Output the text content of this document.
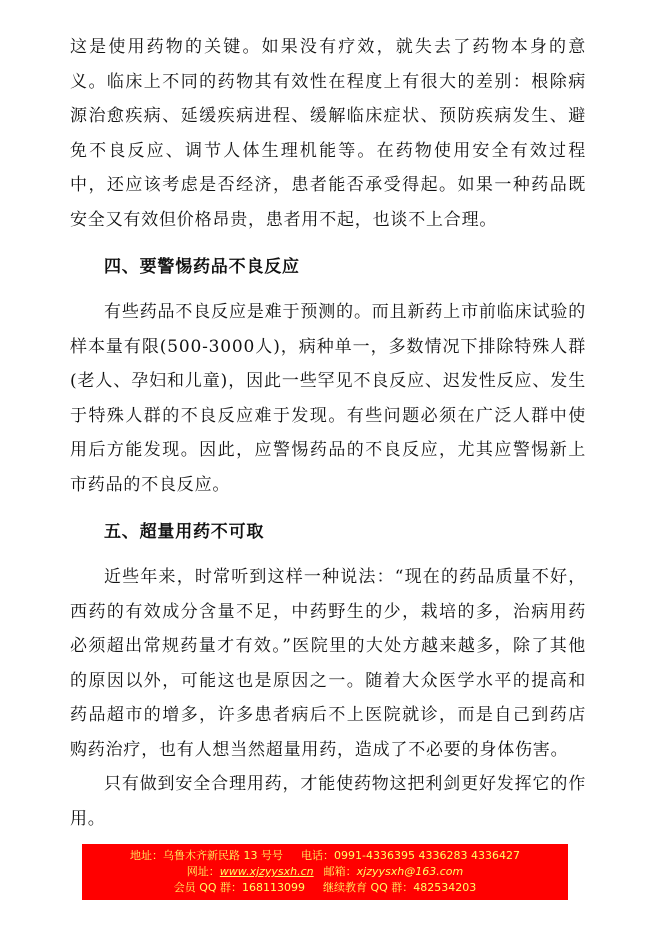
这是使用药物的关键。如果没有疗效，就失去了药物本身的意义。临床上不同的药物其有效性在程度上有很大的差别：根除病源治愈疾病、延缓疾病进程、缓解临床症状、预防疾病发生、避免不良反应、调节人体生理机能等。在药物使用安全有效过程中，还应该考虑是否经济，患者能否承受得起。如果一种药品既安全又有效但价格昂贵，患者用不起，也谈不上合理。

四、要警惕药品不良反应

有些药品不良反应是难于预测的。而且新药上市前临床试验的样本量有限(500-3000人)，病种单一，多数情况下排除特殊人群(老人、孕妇和儿童)，因此一些罕见不良反应、迟发性反应、发生于特殊人群的不良反应难于发现。有些问题必须在广泛人群中使用后方能发现。因此，应警惕药品的不良反应，尤其应警惕新上市药品的不良反应。

五、超量用药不可取

近些年来，时常听到这样一种说法：“现在的药品质量不好，西药的有效成分含量不足，中药野生的少，栽培的多，治病用药必须超出常规药量才有效。”医院里的大处方越来越多，除了其他的原因以外，可能这也是原因之一。随着大众医学水平的提高和药品超市的增多，许多患者病后不上医院就诊，而是自己到药店购药治疗，也有人想当然超量用药，造成了不必要的身体伤害。

只有做到安全合理用药，才能使药物这把利剑更好发挥它的作用。

地址：乌鲁木齐新民路 13 号号 电话：0991-4336395 4336283 4336427
网址：www.xjzyysxh.cn 邮箱：xjzyysxh@163.com
会员 QQ 群：168113099 继续教育 QQ 群：482534203
